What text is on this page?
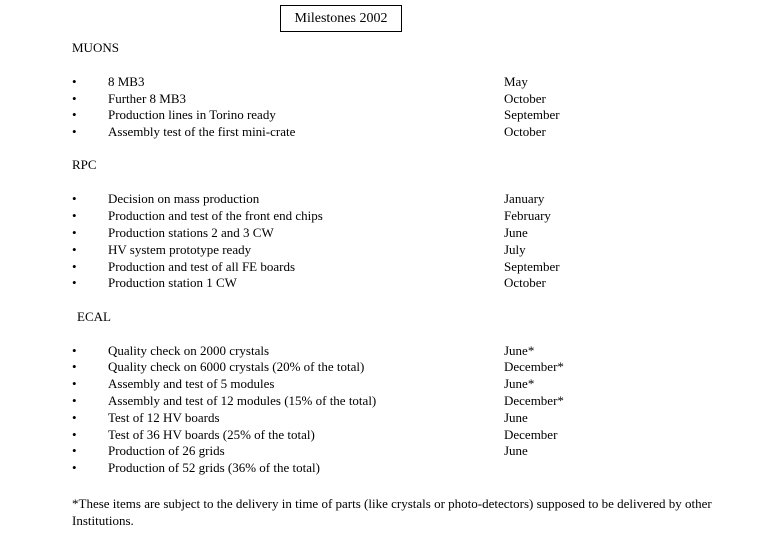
Milestones 2002
MUONS
•	8 MB3	May
•	Further 8 MB3	October
•	Production lines in Torino ready	September
•	Assembly test of the first mini-crate	October
RPC
•	Decision on mass production	January
•	Production and test of the front end chips	February
•	Production stations 2 and 3 CW	June
•	HV system prototype ready	July
•	Production and test of all FE boards	September
•	Production station 1 CW	October
ECAL
•	Quality check on 2000 crystals	June*
•	Quality check on 6000 crystals (20% of the total)	December*
•	Assembly and test of 5 modules	June*
•	Assembly and test of 12 modules (15% of the total)	December*
•	Test of 12 HV boards	June
•	Test of 36 HV boards (25% of the total)	December
•	Production of 26 grids	June
•	Production of 52 grids (36% of the total)
*These items are subject to the delivery in time of parts (like crystals or photo-detectors) supposed to be delivered by other Institutions.
